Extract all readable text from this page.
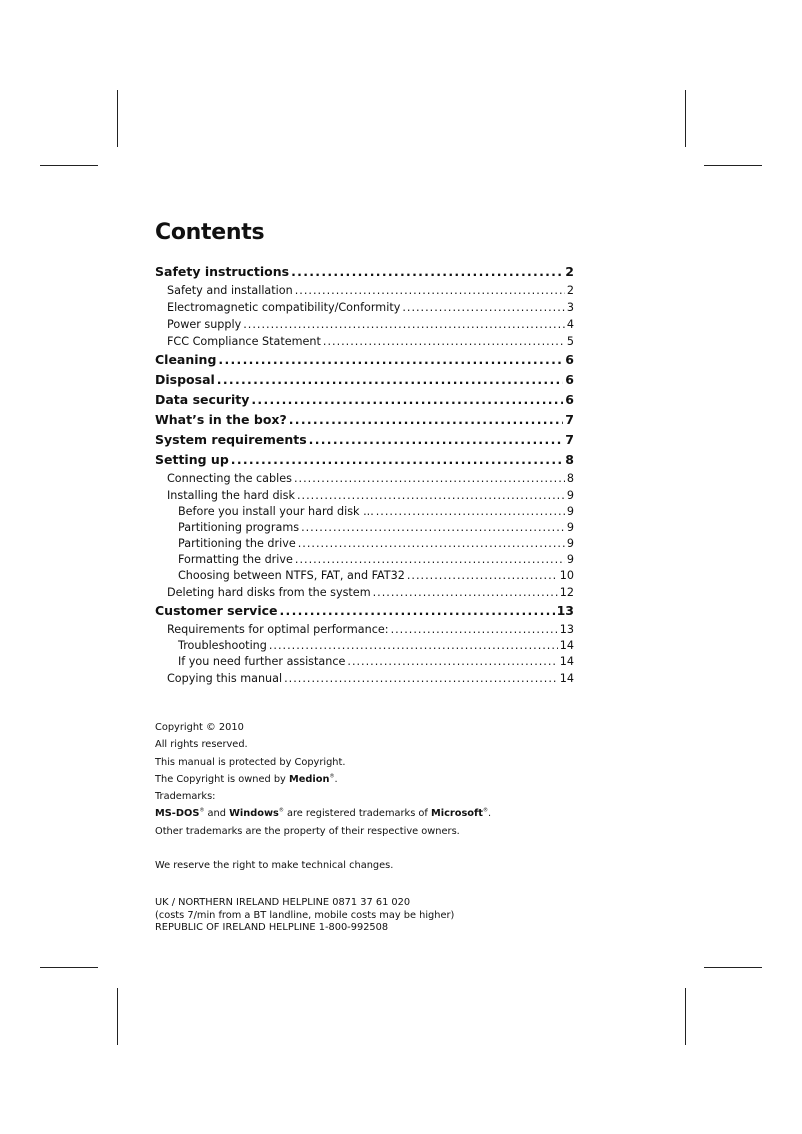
Contents
Safety instructions .....	2
Safety and installation .....	2
Electromagnetic compatibility/Conformity .....	3
Power supply .....	4
FCC Compliance Statement .....	5
Cleaning .....	6
Disposal .....	6
Data security .....	6
What’s in the box? .....	7
System requirements .....	7
Setting up .....	8
Connecting the cables .....	8
Installing the hard disk .....	9
Before you install your hard disk ... .....	9
Partitioning programs .....	9
Partitioning the drive .....	9
Formatting the drive .....	9
Choosing between NTFS, FAT, and FAT32 .....	10
Deleting hard disks from the system .....	12
Customer service .....	13
Requirements for optimal performance: .....	13
Troubleshooting .....	14
If you need further assistance .....	14
Copying this manual .....	14
Copyright © 2010
All rights reserved.
This manual is protected by Copyright.
The Copyright is owned by Medion®.
Trademarks:
MS-DOS® and Windows® are registered trademarks of Microsoft®.
Other trademarks are the property of their respective owners.
We reserve the right to make technical changes.
UK / NORTHERN IRELAND HELPLINE 0871 37 61 020
(costs 7/min from a BT landline, mobile costs may be higher)
REPUBLIC OF IRELAND HELPLINE 1-800-992508
